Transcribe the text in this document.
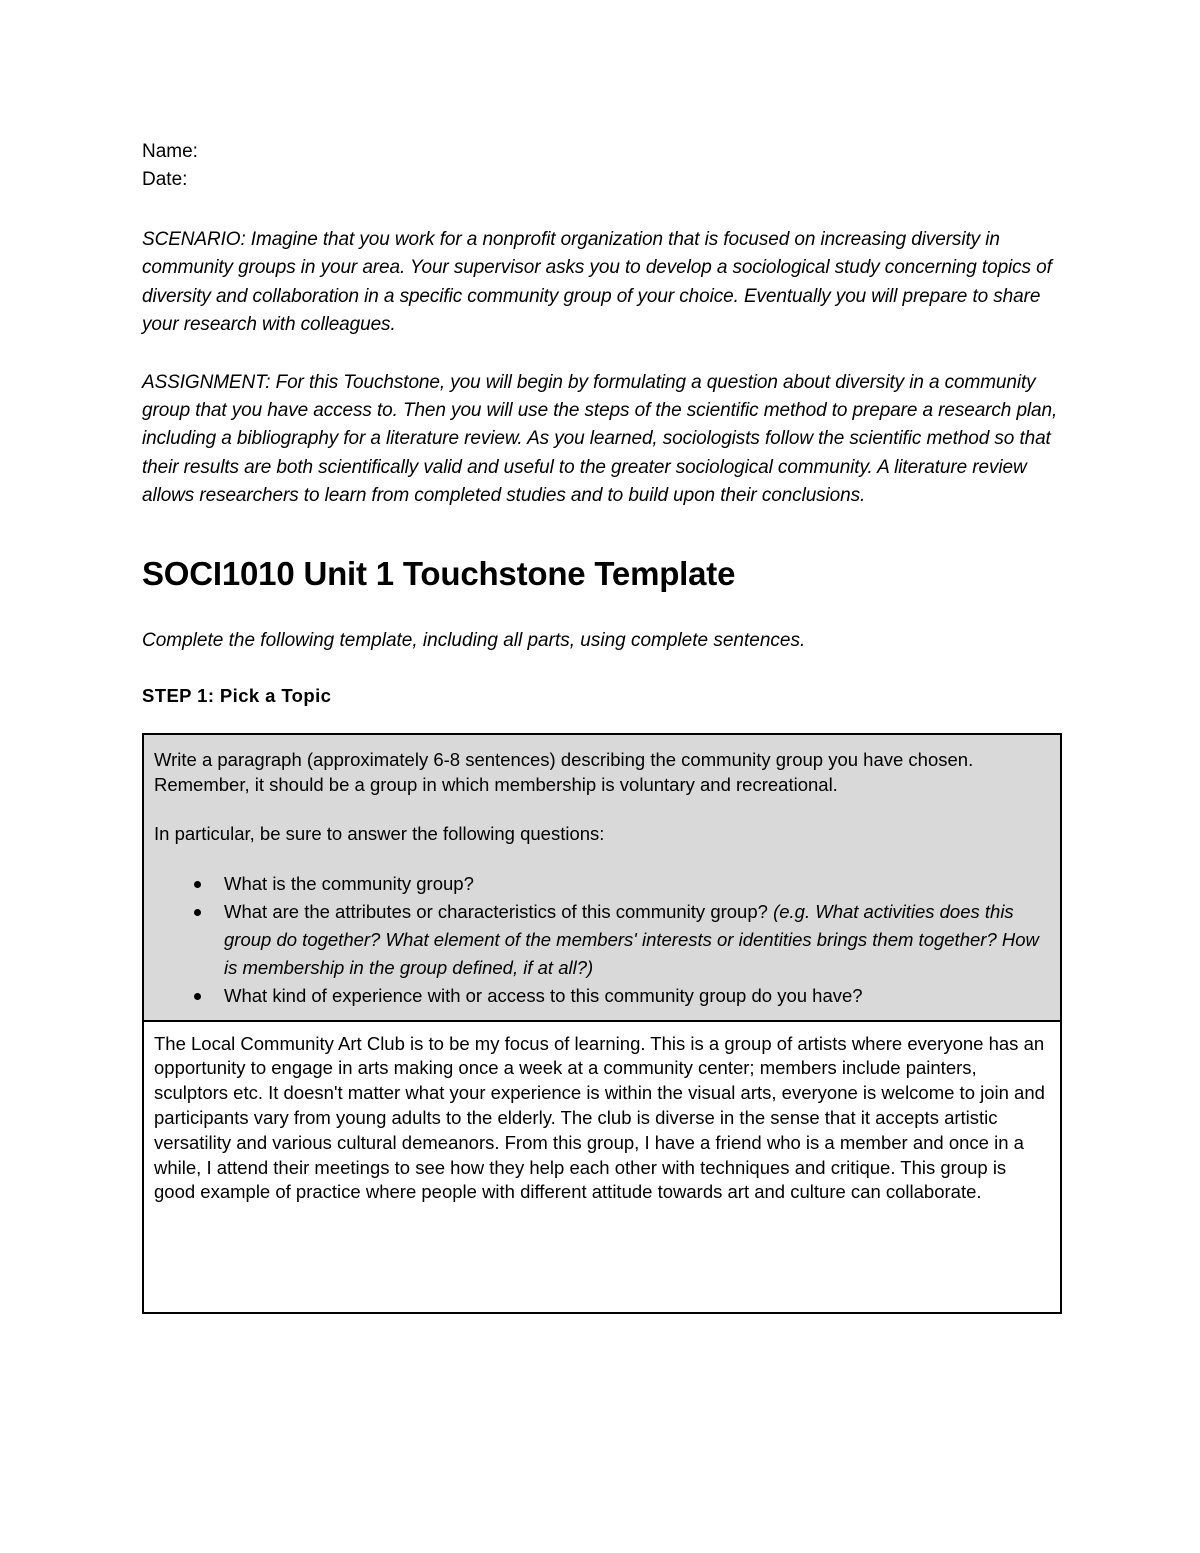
Name:

Date:

SCENARIO: Imagine that you work for a nonprofit organization that is focused on increasing diversity in community groups in your area. Your supervisor asks you to develop a sociological study concerning topics of diversity and collaboration in a specific community group of your choice. Eventually you will prepare to share your research with colleagues.

ASSIGNMENT: For this Touchstone, you will begin by formulating a question about diversity in a community group that you have access to. Then you will use the steps of the scientific method to prepare a research plan, including a bibliography for a literature review. As you learned, sociologists follow the scientific method so that their results are both scientifically valid and useful to the greater sociological community. A literature review allows researchers to learn from completed studies and to build upon their conclusions.

SOCI1010 Unit 1 Touchstone Template

Complete the following template, including all parts, using complete sentences.

STEP 1: Pick a Topic

Write a paragraph (approximately 6-8 sentences) describing the community group you have chosen. Remember, it should be a group in which membership is voluntary and recreational.

In particular, be sure to answer the following questions:

What is the community group?
What are the attributes or characteristics of this community group? (e.g. What activities does this group do together? What element of the members' interests or identities brings them together? How is membership in the group defined, if at all?)
What kind of experience with or access to this community group do you have?

The Local Community Art Club is to be my focus of learning. This is a group of artists where everyone has an opportunity to engage in arts making once a week at a community center; members include painters, sculptors etc. It doesn't matter what your experience is within the visual arts, everyone is welcome to join and participants vary from young adults to the elderly. The club is diverse in the sense that it accepts artistic versatility and various cultural demeanors. From this group, I have a friend who is a member and once in a while, I attend their meetings to see how they help each other with techniques and critique. This group is good example of practice where people with different attitude towards art and culture can collaborate.
